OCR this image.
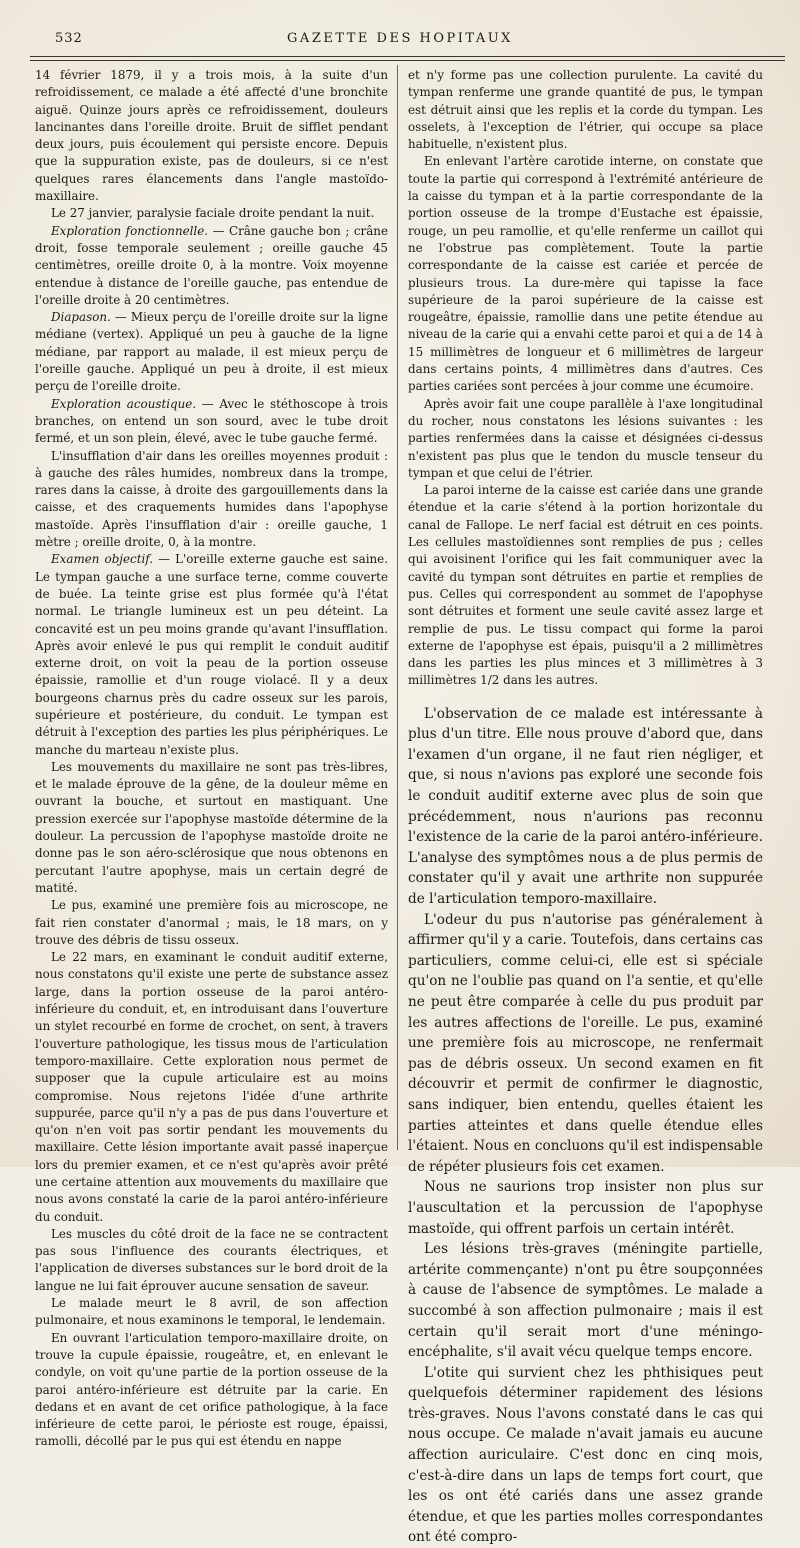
532	GAZETTE DES HOPITAUX

14 février 1879, il y a trois mois, à la suite d'un refroidissement, ce malade a été affecté d'une bronchite aiguë. Quinze jours après ce refroidissement, douleurs lancinantes dans l'oreille droite. Bruit de sifflet pendant deux jours, puis écoulement qui persiste encore. Depuis que la suppuration existe, pas de douleurs, si ce n'est quelques rares élancements dans l'angle mastoïdo-maxillaire.

Le 27 janvier, paralysie faciale droite pendant la nuit.

Exploration fonctionnelle. — Crâne gauche bon ; crâne droit, fosse temporale seulement ; oreille gauche 45 centimètres, oreille droite 0, à la montre. Voix moyenne entendue à distance de l'oreille gauche, pas entendue de l'oreille droite à 20 centimètres.

Diapason. — Mieux perçu de l'oreille droite sur la ligne médiane (vertex). Appliqué un peu à gauche de la ligne médiane, par rapport au malade, il est mieux perçu de l'oreille gauche. Appliqué un peu à droite, il est mieux perçu de l'oreille droite.

Exploration acoustique. — Avec le stéthoscope à trois branches, on entend un son sourd, avec le tube droit fermé, et un son plein, élevé, avec le tube gauche fermé.

L'insufflation d'air dans les oreilles moyennes produit : à gauche des râles humides, nombreux dans la trompe, rares dans la caisse, à droite des gargouillements dans la caisse, et des craquements humides dans l'apophyse mastoïde. Après l'insufflation d'air : oreille gauche, 1 mètre ; oreille droite, 0, à la montre.

Examen objectif. — L'oreille externe gauche est saine. Le tympan gauche a une surface terne, comme couverte de buée. La teinte grise est plus formée qu'à l'état normal. Le triangle lumineux est un peu déteint. La concavité est un peu moins grande qu'avant l'insufflation. Après avoir enlevé le pus qui remplit le conduit auditif externe droit, on voit la peau de la portion osseuse épaissie, ramollie et d'un rouge violacé. Il y a deux bourgeons charnus près du cadre osseux sur les parois, supérieure et postérieure, du conduit. Le tympan est détruit à l'exception des parties les plus périphériques. Le manche du marteau n'existe plus.

Les mouvements du maxillaire ne sont pas très-libres, et le malade éprouve de la gêne, de la douleur même en ouvrant la bouche, et surtout en mastiquant. Une pression exercée sur l'apophyse mastoïde détermine de la douleur. La percussion de l'apophyse mastoïde droite ne donne pas le son aéro-sclérosique que nous obtenons en percutant l'autre apophyse, mais un certain degré de matité.

Le pus, examiné une première fois au microscope, ne fait rien constater d'anormal ; mais, le 18 mars, on y trouve des débris de tissu osseux.

Le 22 mars, en examinant le conduit auditif externe, nous constatons qu'il existe une perte de substance assez large, dans la portion osseuse de la paroi antéro-inférieure du conduit, et, en introduisant dans l'ouverture un stylet recourbé en forme de crochet, on sent, à travers l'ouverture pathologique, les tissus mous de l'articulation temporo-maxillaire. Cette exploration nous permet de supposer que la cupule articulaire est au moins compromise. Nous rejetons l'idée d'une arthrite suppurée, parce qu'il n'y a pas de pus dans l'ouverture et qu'on n'en voit pas sortir pendant les mouvements du maxillaire. Cette lésion importante avait passé inaperçue lors du premier examen, et ce n'est qu'après avoir prêté une certaine attention aux mouvements du maxillaire que nous avons constaté la carie de la paroi antéro-inférieure du conduit.

Les muscles du côté droit de la face ne se contractent pas sous l'influence des courants électriques, et l'application de diverses substances sur le bord droit de la langue ne lui fait éprouver aucune sensation de saveur.

Le malade meurt le 8 avril, de son affection pulmonaire, et nous examinons le temporal, le lendemain.

En ouvrant l'articulation temporo-maxillaire droite, on trouve la cupule épaissie, rougeâtre, et, en enlevant le condyle, on voit qu'une partie de la portion osseuse de la paroi antéro-inférieure est détruite par la carie. En dedans et en avant de cet orifice pathologique, à la face inférieure de cette paroi, le périoste est rouge, épaissi, ramolli, décollé par le pus qui est étendu en nappe

et n'y forme pas une collection purulente. La cavité du tympan renferme une grande quantité de pus, le tympan est détruit ainsi que les replis et la corde du tympan. Les osselets, à l'exception de l'étrier, qui occupe sa place habituelle, n'existent plus.

En enlevant l'artère carotide interne, on constate que toute la partie qui correspond à l'extrémité antérieure de la caisse du tympan et à la partie correspondante de la portion osseuse de la trompe d'Eustache est épaissie, rouge, un peu ramollie, et qu'elle renferme un caillot qui ne l'obstrue pas complètement. Toute la partie correspondante de la caisse est cariée et percée de plusieurs trous. La dure-mère qui tapisse la face supérieure de la paroi supérieure de la caisse est rougeâtre, épaissie, ramollie dans une petite étendue au niveau de la carie qui a envahi cette paroi et qui a de 14 à 15 millimètres de longueur et 6 millimètres de largeur dans certains points, 4 millimètres dans d'autres. Ces parties cariées sont percées à jour comme une écumoire.

Après avoir fait une coupe parallèle à l'axe longitudinal du rocher, nous constatons les lésions suivantes : les parties renfermées dans la caisse et désignées ci-dessus n'existent pas plus que le tendon du muscle tenseur du tympan et que celui de l'étrier.

La paroi interne de la caisse est cariée dans une grande étendue et la carie s'étend à la portion horizontale du canal de Fallope. Le nerf facial est détruit en ces points. Les cellules mastoïdiennes sont remplies de pus ; celles qui avoisinent l'orifice qui les fait communiquer avec la cavité du tympan sont détruites en partie et remplies de pus. Celles qui correspondent au sommet de l'apophyse sont détruites et forment une seule cavité assez large et remplie de pus. Le tissu compact qui forme la paroi externe de l'apophyse est épais, puisqu'il a 2 millimètres dans les parties les plus minces et 3 millimètres à 3 millimètres 1/2 dans les autres.

L'observation de ce malade est intéressante à plus d'un titre. Elle nous prouve d'abord que, dans l'examen d'un organe, il ne faut rien négliger, et que, si nous n'avions pas exploré une seconde fois le conduit auditif externe avec plus de soin que précédemment, nous n'aurions pas reconnu l'existence de la carie de la paroi antéro-inférieure. L'analyse des symptômes nous a de plus permis de constater qu'il y avait une arthrite non suppurée de l'articulation temporo-maxillaire.

L'odeur du pus n'autorise pas généralement à affirmer qu'il y a carie. Toutefois, dans certains cas particuliers, comme celui-ci, elle est si spéciale qu'on ne l'oublie pas quand on l'a sentie, et qu'elle ne peut être comparée à celle du pus produit par les autres affections de l'oreille. Le pus, examiné une première fois au microscope, ne renfermait pas de débris osseux. Un second examen en fit découvrir et permit de confirmer le diagnostic, sans indiquer, bien entendu, quelles étaient les parties atteintes et dans quelle étendue elles l'étaient. Nous en concluons qu'il est indispensable de répéter plusieurs fois cet examen.

Nous ne saurions trop insister non plus sur l'auscultation et la percussion de l'apophyse mastoïde, qui offrent parfois un certain intérêt.

Les lésions très-graves (méningite partielle, artérite commençante) n'ont pu être soupçonnées à cause de l'absence de symptômes. Le malade a succombé à son affection pulmonaire ; mais il est certain qu'il serait mort d'une méningo-encéphalite, s'il avait vécu quelque temps encore.

L'otite qui survient chez les phthisiques peut quelquefois déterminer rapidement des lésions très-graves. Nous l'avons constaté dans le cas qui nous occupe. Ce malade n'avait jamais eu aucune affection auriculaire. C'est donc en cinq mois, c'est-à-dire dans un laps de temps fort court, que les os ont été cariés dans une assez grande étendue, et que les parties molles correspondantes ont été compro-
